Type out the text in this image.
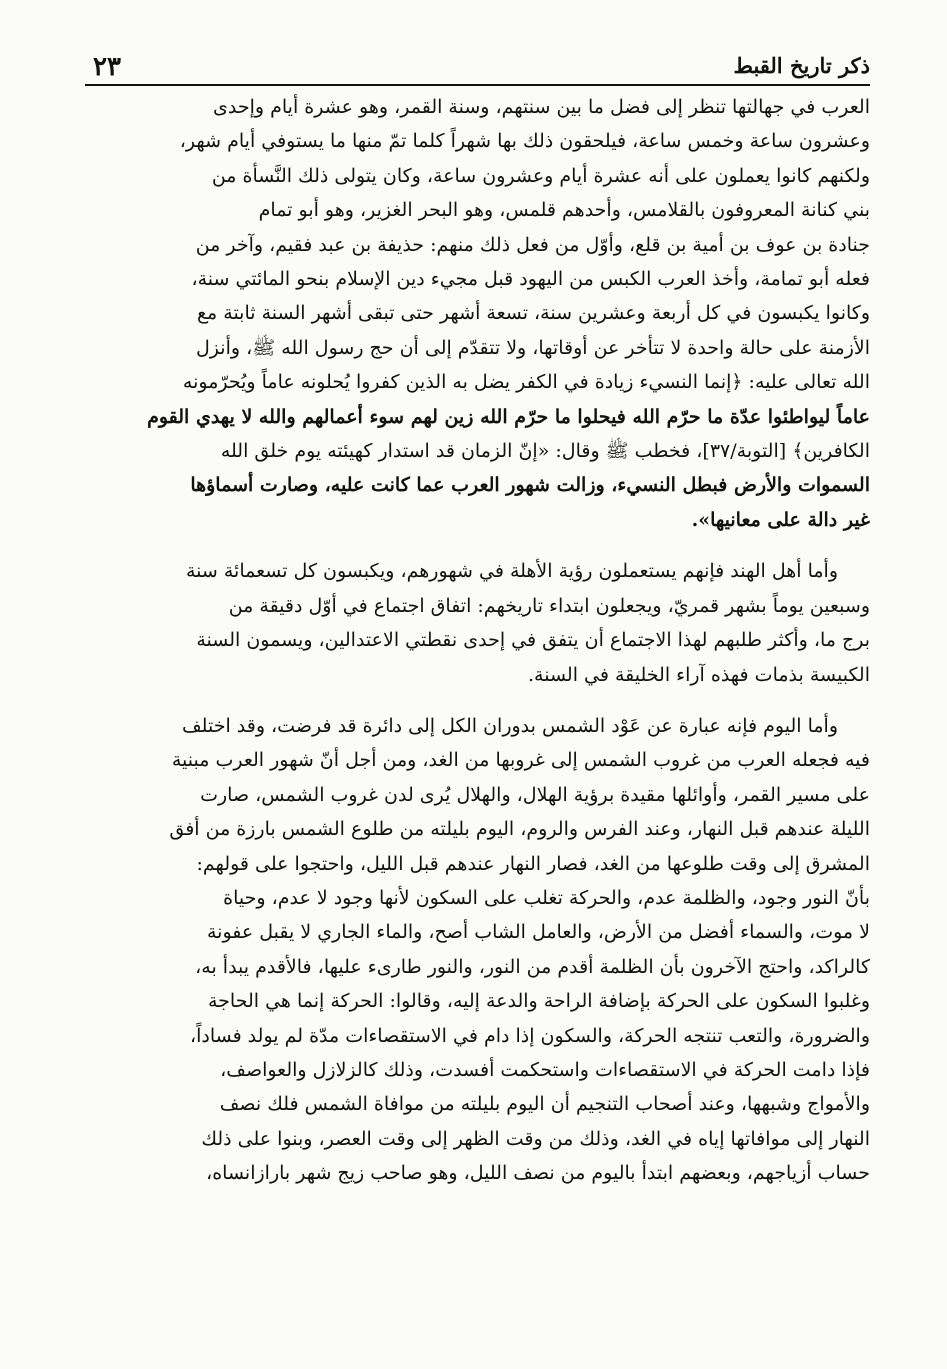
ذكر تاريخ القبط
٢٣

العرب في جهالتها تنظر إلى فضل ما بين سنتهم، وسنة القمر، وهو عشرة أيام وإحدى
وعشرون ساعة وخمس ساعة، فيلحقون ذلك بها شهراً كلما تمّ منها ما يستوفي أيام شهر،
ولكنهم كانوا يعملون على أنه عشرة أيام وعشرون ساعة، وكان يتولى ذلك النَّسأة من
بني كنانة المعروفون بالقلامس، وأحدهم قلمس، وهو البحر الغزير، وهو أبو تمام
جنادة بن عوف بن أمية بن قلع، وأوّل من فعل ذلك منهم: حذيفة بن عبد فقيم، وآخر من
فعله أبو تمامة، وأخذ العرب الكبس من اليهود قبل مجيء دين الإسلام بنحو المائتي سنة،
وكانوا يكبسون في كل أربعة وعشرين سنة، تسعة أشهر حتى تبقى أشهر السنة ثابتة مع
الأزمنة على حالة واحدة لا تتأخر عن أوقاتها، ولا تتقدّم إلى أن حج رسول الله ﷺ، وأنزل
الله تعالى عليه: ﴿إنما النسيء زيادة في الكفر يضل به الذين كفروا يُحلونه عاماً ويُحرّمونه
عاماً ليواطئوا عدّة ما حرّم الله فيحلوا ما حرّم الله زين لهم سوء أعمالهم والله لا يهدي القوم
الكافرين﴾ [التوبة/٣٧]، فخطب ﷺ وقال: «إنّ الزمان قد استدار كهيئته يوم خلق الله
السموات والأرض فبطل النسيء، وزالت شهور العرب عما كانت عليه، وصارت أسماؤها
غير دالة على معانيها».

وأما أهل الهند فإنهم يستعملون رؤية الأهلة في شهورهم، ويكبسون كل تسعمائة سنة
وسبعين يوماً بشهر قمريّ، ويجعلون ابتداء تاريخهم: اتفاق اجتماع في أوّل دقيقة من
برج ما، وأكثر طلبهم لهذا الاجتماع أن يتفق في إحدى نقطتي الاعتدالين، ويسمون السنة
الكبيسة بذمات فهذه آراء الخليقة في السنة.

وأما اليوم فإنه عبارة عن عَوْد الشمس بدوران الكل إلى دائرة قد فرضت، وقد اختلف
فيه فجعله العرب من غروب الشمس إلى غروبها من الغد، ومن أجل أنّ شهور العرب مبنية
على مسير القمر، وأوائلها مقيدة برؤية الهلال، والهلال يُرى لدن غروب الشمس، صارت
الليلة عندهم قبل النهار، وعند الفرس والروم، اليوم بليلته من طلوع الشمس بارزة من أفق
المشرق إلى وقت طلوعها من الغد، فصار النهار عندهم قبل الليل، واحتجوا على قولهم:
بأنّ النور وجود، والظلمة عدم، والحركة تغلب على السكون لأنها وجود لا عدم، وحياة
لا موت، والسماء أفضل من الأرض، والعامل الشاب أصح، والماء الجاري لا يقبل عفونة
كالراكد، واحتج الآخرون بأن الظلمة أقدم من النور، والنور طارىء عليها، فالأقدم يبدأ به،
وغلبوا السكون على الحركة بإضافة الراحة والدعة إليه، وقالوا: الحركة إنما هي الحاجة
والضرورة، والتعب تنتجه الحركة، والسكون إذا دام في الاستقصاءات مدّة لم يولد فساداً،
فإذا دامت الحركة في الاستقصاءات واستحكمت أفسدت، وذلك كالزلازل والعواصف،
والأمواج وشبهها، وعند أصحاب التنجيم أن اليوم بليلته من موافاة الشمس فلك نصف
النهار إلى موافاتها إياه في الغد، وذلك من وقت الظهر إلى وقت العصر، وبنوا على ذلك
حساب أزياجهم، وبعضهم ابتدأ باليوم من نصف الليل، وهو صاحب زيج شهر بارازانساه،
